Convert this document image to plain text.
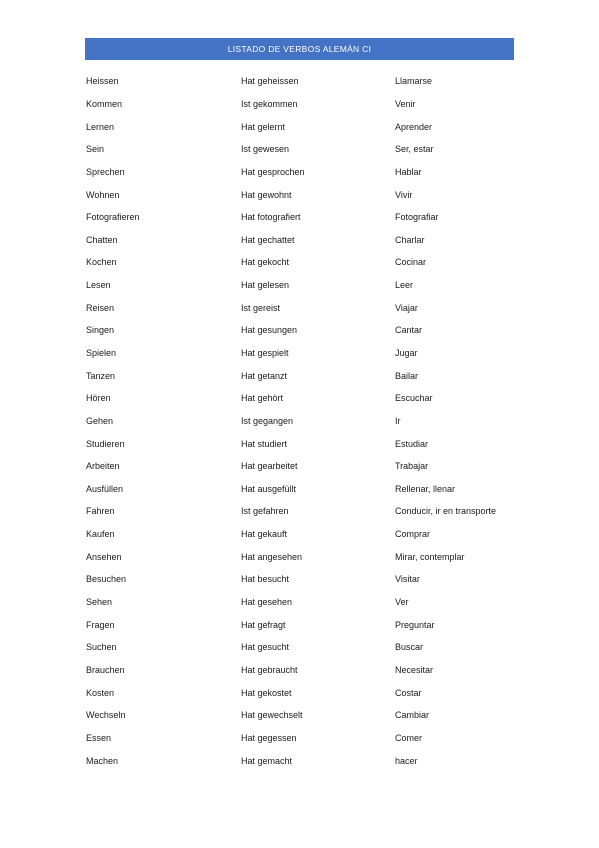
LISTADO DE VERBOS ALEMÁN CI
Heissen	Hat geheissen	Llamarse
Kommen	Ist gekommen	Venir
Lernen	Hat gelernt	Aprender
Sein	Ist gewesen	Ser, estar
Sprechen	Hat gesprochen	Hablar
Wohnen	Hat gewohnt	Vivir
Fotografieren	Hat fotografiert	Fotografiar
Chatten	Hat gechattet	Charlar
Kochen	Hat gekocht	Cocinar
Lesen	Hat gelesen	Leer
Reisen	Ist gereist	Viajar
Singen	Hat gesungen	Cantar
Spielen	Hat gespielt	Jugar
Tanzen	Hat getanzt	Bailar
Hören	Hat gehört	Escuchar
Gehen	Ist gegangen	Ir
Studieren	Hat studiert	Estudiar
Arbeiten	Hat gearbeitet	Trabajar
Ausfüllen	Hat ausgefüllt	Rellenar, llenar
Fahren	Ist gefahren	Conducir, ir en transporte
Kaufen	Hat gekauft	Comprar
Ansehen	Hat angesehen	Mirar, contemplar
Besuchen	Hat besucht	Visitar
Sehen	Hat gesehen	Ver
Fragen	Hat gefragt	Preguntar
Suchen	Hat gesucht	Buscar
Brauchen	Hat gebraucht	Necesitar
Kosten	Hat gekostet	Costar
Wechseln	Hat gewechselt	Cambiar
Essen	Hat gegessen	Comer
Machen	Hat gemacht	hacer
